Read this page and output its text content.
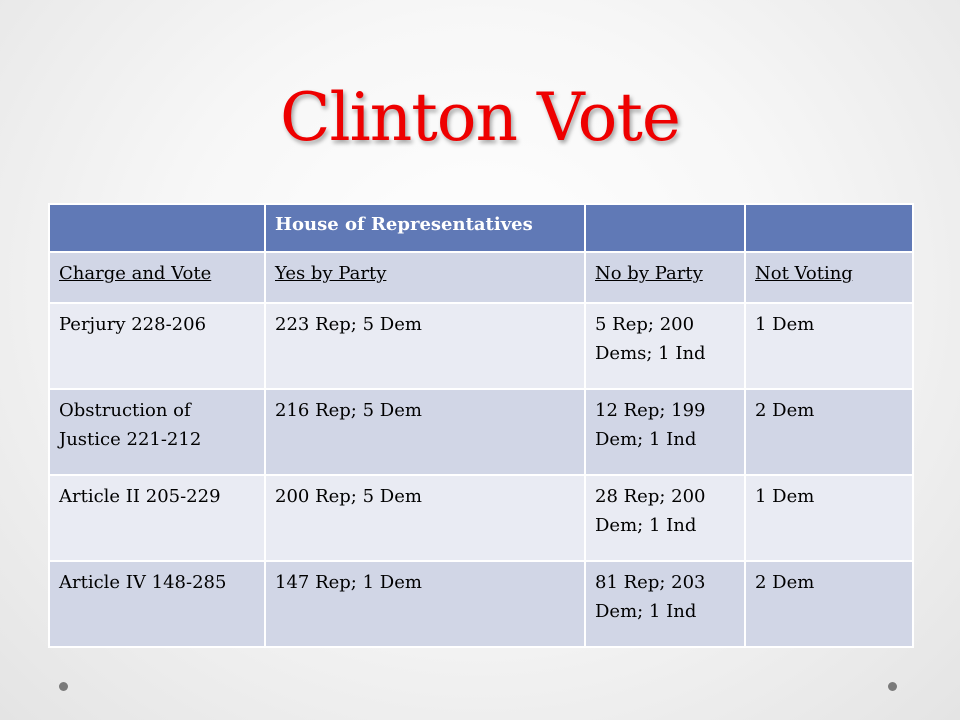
Clinton Vote
	House of Representatives		
Charge and Vote	Yes by Party	No by Party	Not Voting
Perjury 228-206	223 Rep; 5 Dem	5 Rep; 200 Dems; 1 Ind	1 Dem
Obstruction of Justice 221-212	216 Rep; 5 Dem	12 Rep; 199 Dem; 1 Ind	2 Dem
Article II 205-229	200 Rep; 5 Dem	28 Rep; 200 Dem; 1 Ind	1 Dem
Article IV 148-285	147 Rep; 1 Dem	81 Rep; 203 Dem; 1 Ind	2 Dem
